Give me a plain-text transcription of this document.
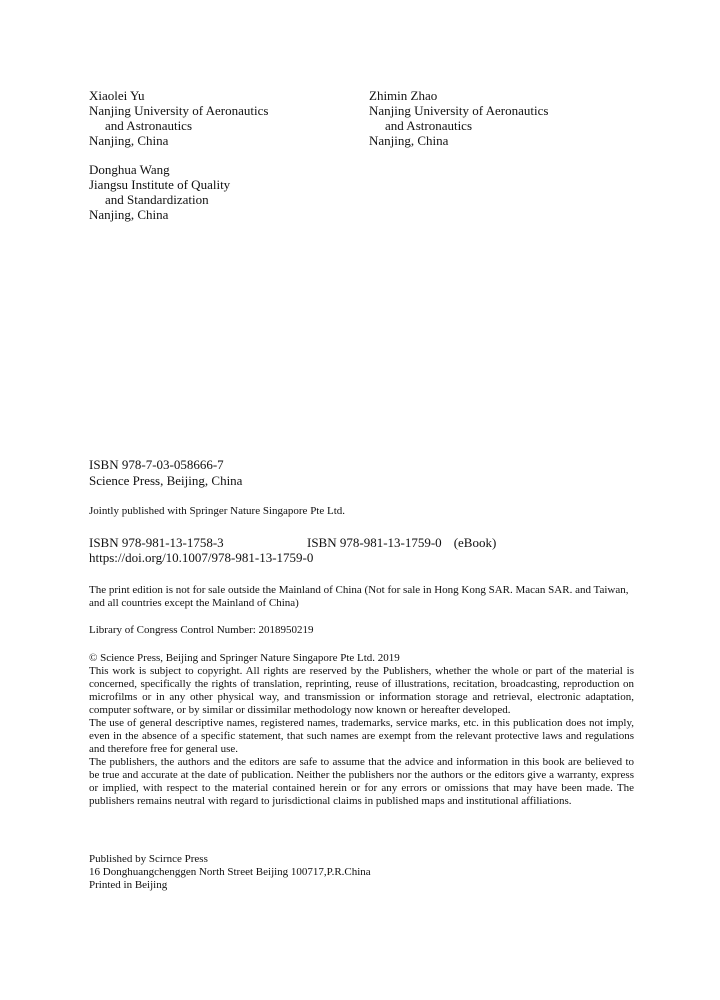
Xiaolei Yu
Nanjing University of Aeronautics
and Astronautics
Nanjing, China
Zhimin Zhao
Nanjing University of Aeronautics
and Astronautics
Nanjing, China
Donghua Wang
Jiangsu Institute of Quality
and Standardization
Nanjing, China
ISBN 978-7-03-058666-7
Science Press, Beijing, China
Jointly published with Springer Nature Singapore Pte Ltd.
ISBN 978-981-13-1758-3	ISBN 978-981-13-1759-0 (eBook)
https://doi.org/10.1007/978-981-13-1759-0
The print edition is not for sale outside the Mainland of China (Not for sale in Hong Kong SAR. Macan SAR. and Taiwan, and all countries except the Mainland of China)
Library of Congress Control Number: 2018950219

© Science Press, Beijing and Springer Nature Singapore Pte Ltd. 2019

This work is subject to copyright. All rights are reserved by the Publishers, whether the whole or part of the material is concerned, specifically the rights of translation, reprinting, reuse of illustrations, recitation, broadcasting, reproduction on microfilms or in any other physical way, and transmission or information storage and retrieval, electronic adaptation, computer software, or by similar or dissimilar methodology now known or hereafter developed.

The use of general descriptive names, registered names, trademarks, service marks, etc. in this publication does not imply, even in the absence of a specific statement, that such names are exempt from the relevant protective laws and regulations and therefore free for general use.

The publishers, the authors and the editors are safe to assume that the advice and information in this book are believed to be true and accurate at the date of publication. Neither the publishers nor the authors or the editors give a warranty, express or implied, with respect to the material contained herein or for any errors or omissions that may have been made. The publishers remains neutral with regard to jurisdictional claims in published maps and institutional affiliations.

Published by Scirnce Press
16 Donghuangchenggen North Street Beijing 100717,P.R.China
Printed in Beijing
